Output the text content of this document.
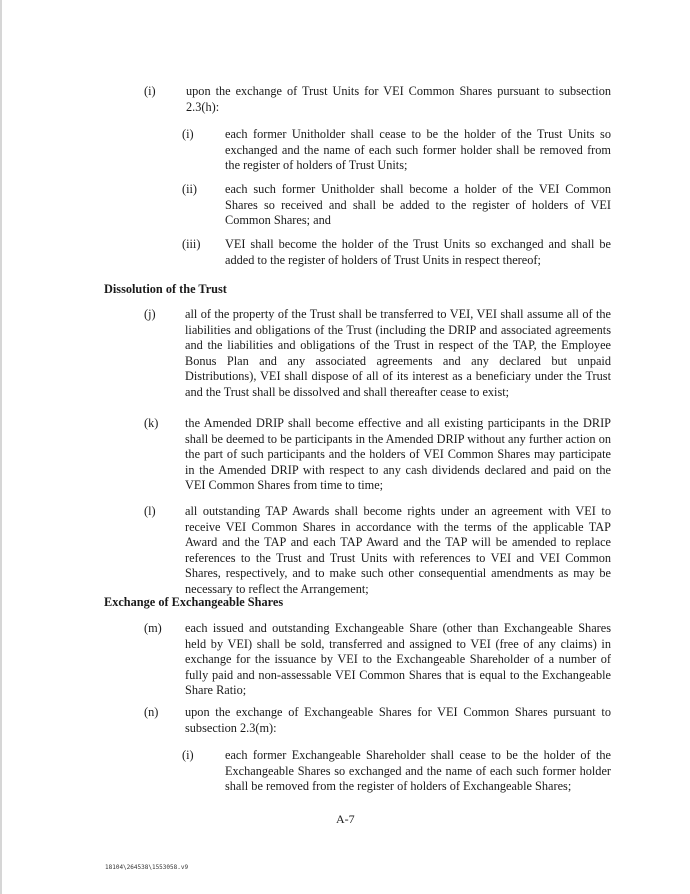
(i) upon the exchange of Trust Units for VEI Common Shares pursuant to subsection 2.3(h):
(i)	each former Unitholder shall cease to be the holder of the Trust Units so exchanged and the name of each such former holder shall be removed from the register of holders of Trust Units;
(ii) each such former Unitholder shall become a holder of the VEI Common Shares so received and shall be added to the register of holders of VEI Common Shares; and
(iii) VEI shall become the holder of the Trust Units so exchanged and shall be added to the register of holders of Trust Units in respect thereof;
Dissolution of the Trust
(j) all of the property of the Trust shall be transferred to VEI, VEI shall assume all of the liabilities and obligations of the Trust (including the DRIP and associated agreements and the liabilities and obligations of the Trust in respect of the TAP, the Employee Bonus Plan and any associated agreements and any declared but unpaid Distributions), VEI shall dispose of all of its interest as a beneficiary under the Trust and the Trust shall be dissolved and shall thereafter cease to exist;
(k) the Amended DRIP shall become effective and all existing participants in the DRIP shall be deemed to be participants in the Amended DRIP without any further action on the part of such participants and the holders of VEI Common Shares may participate in the Amended DRIP with respect to any cash dividends declared and paid on the VEI Common Shares from time to time;
(l) all outstanding TAP Awards shall become rights under an agreement with VEI to receive VEI Common Shares in accordance with the terms of the applicable TAP Award and the TAP and each TAP Award and the TAP will be amended to replace references to the Trust and Trust Units with references to VEI and VEI Common Shares, respectively, and to make such other consequential amendments as may be necessary to reflect the Arrangement;
Exchange of Exchangeable Shares
(m) each issued and outstanding Exchangeable Share (other than Exchangeable Shares held by VEI) shall be sold, transferred and assigned to VEI (free of any claims) in exchange for the issuance by VEI to the Exchangeable Shareholder of a number of fully paid and non-assessable VEI Common Shares that is equal to the Exchangeable Share Ratio;
(n) upon the exchange of Exchangeable Shares for VEI Common Shares pursuant to subsection 2.3(m):
(i)	each former Exchangeable Shareholder shall cease to be the holder of the Exchangeable Shares so exchanged and the name of each such former holder shall be removed from the register of holders of Exchangeable Shares;
A-7
18104\264538\1553058.v9
